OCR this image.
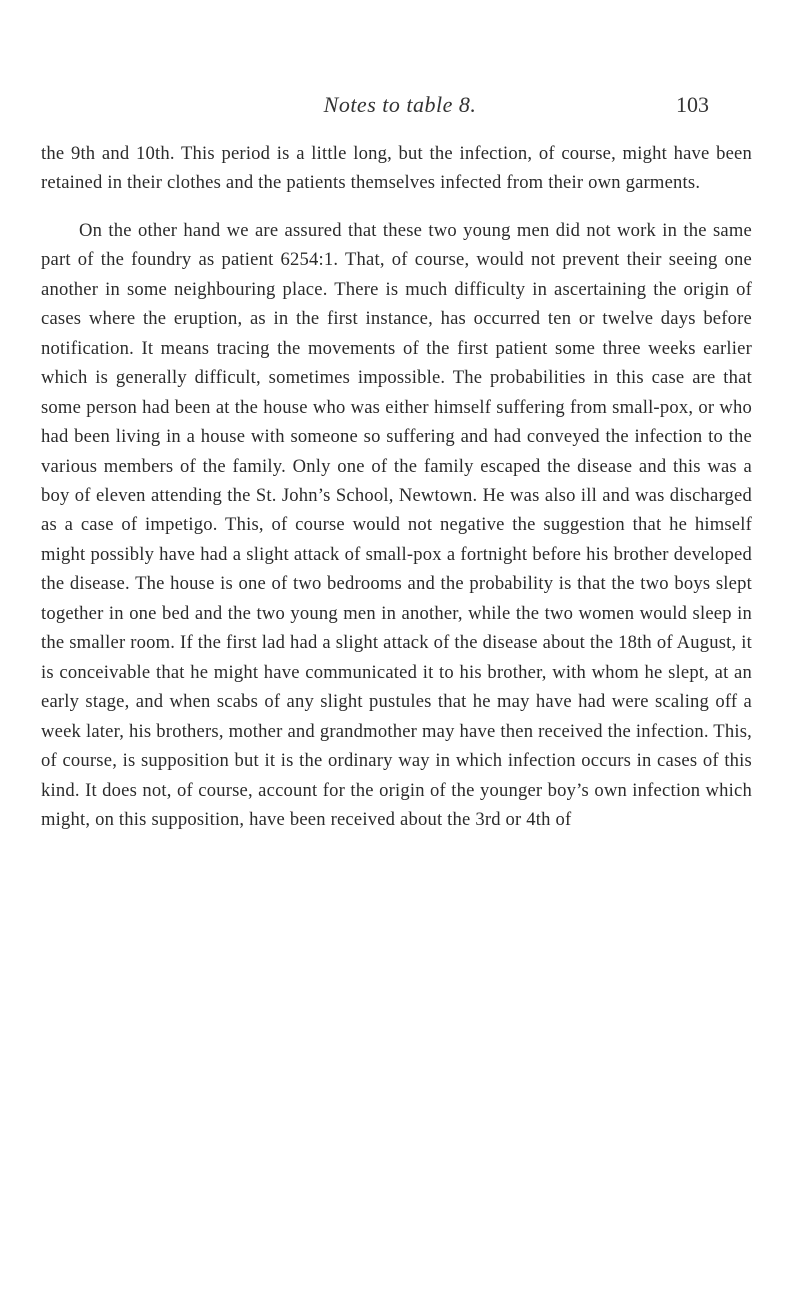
Notes to table 8.	103

the 9th and 10th. This period is a little long, but the infection, of course, might have been retained in their clothes and the patients themselves infected from their own garments.

On the other hand we are assured that these two young men did not work in the same part of the foundry as patient 6254:1. That, of course, would not prevent their seeing one another in some neighbouring place. There is much difficulty in ascertaining the origin of cases where the eruption, as in the first instance, has occurred ten or twelve days before notification. It means tracing the movements of the first patient some three weeks earlier which is generally difficult, sometimes impossible. The probabilities in this case are that some person had been at the house who was either himself suffering from small-pox, or who had been living in a house with someone so suffering and had conveyed the infection to the various members of the family. Only one of the family escaped the disease and this was a boy of eleven attending the St. John’s School, Newtown. He was also ill and was discharged as a case of impetigo. This, of course would not negative the suggestion that he himself might possibly have had a slight attack of small-pox a fortnight before his brother developed the disease. The house is one of two bedrooms and the probability is that the two boys slept together in one bed and the two young men in another, while the two women would sleep in the smaller room. If the first lad had a slight attack of the disease about the 18th of August, it is conceivable that he might have communicated it to his brother, with whom he slept, at an early stage, and when scabs of any slight pustules that he may have had were scaling off a week later, his brothers, mother and grandmother may have then received the infection. This, of course, is supposition but it is the ordinary way in which infection occurs in cases of this kind. It does not, of course, account for the origin of the younger boy’s own infection which might, on this supposition, have been received about the 3rd or 4th of
